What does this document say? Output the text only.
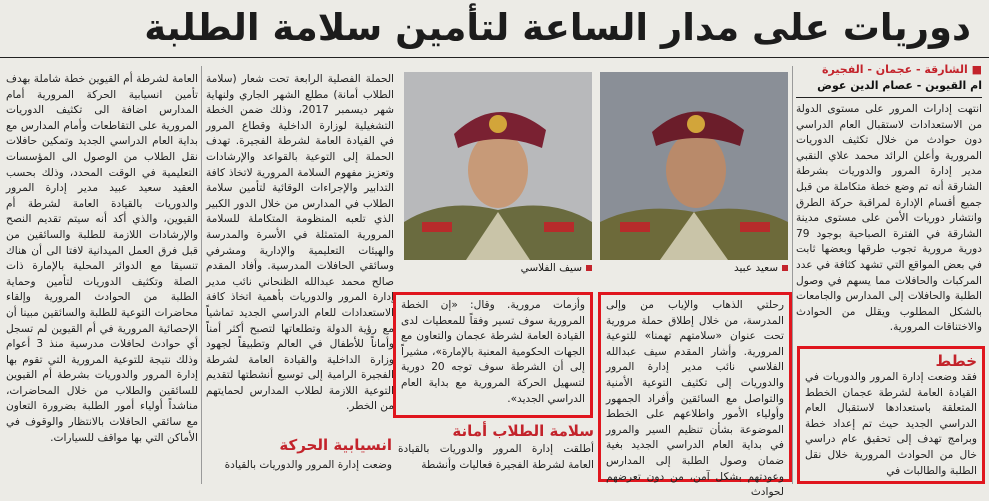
دوريات على مدار الساعة لتأمين سلامة الطلبة
■ الشارقة - عجمان - الفجيرة
ام القيوين - عصام الدين عوض

انتهت إدارات المرور على مستوى الدولة من الاستعدادات لاستقبال العام الدراسي دون حوادث من خلال تكثيف الدوريات المرورية وأعلن الرائد محمد علاي النقبي مدير إدارة المرور والدوريات بشرطة الشارقة أنه تم وضع خطة متكاملة من قبل جميع أقسام الإدارة لمراقبة حركة الطرق وانتشار دوريات الأمن على مستوى مدينة الشارقة في الفترة الصباحية بوجود 79 دورية مرورية تجوب طرقها وبعضها ثابت في بعض المواقع التي تشهد كثافة في عدد المركبات والحافلات مما يسهم في وصول الطلبة والحافلات إلى المدارس والجامعات بالشكل المطلوب ويقلل من الحوادث والاختناقات المرورية.

خطط

فقد وضعت إدارة المرور والدوريات في القيادة العامة لشرطة عجمان الخطط المتعلقة باستعدادها لاستقبال العام الدراسي الجديد حيث تم إعداد خطة وبرامج تهدف إلى تحقيق عام دراسي خال من الحوادث المرورية خلال نقل الطلبة والطالبات في

سعيد عبيد
سيف الفلاسي

رحلتي الذهاب والإياب من وإلى المدرسة، من خلال إطلاق حملة مرورية تحت عنوان «سلامتهم تهمنا» للتوعية المرورية. وأشار المقدم سيف عبدالله الفلاسي نائب مدير إدارة المرور والدوريات إلى تكثيف التوعية الأمنية والتواصل مع السائقين وأفراد الجمهور وأولياء الأمور واطلاعهم على الخطط الموضوعة بشأن تنظيم السير والمرور في بداية العام الدراسي الجديد بغية ضمان وصول الطلبة إلى المدارس وعودتهم بشكل آمن، من دون تعرضهم لحوادث

وأزمات مرورية. وقال: «إن الخطة المرورية سوف تسير وفقاً للمعطيات لدى القيادة العامة لشرطة عجمان والتعاون مع الجهات الحكومية المعنية بالإمارة»، مشيراً إلى أن الشرطة سوف توجه 20 دورية لتسهيل الحركة المرورية مع بداية العام الدراسي الجديد».

سلامة الطلاب أمانة

أطلقت إدارة المرور والدوريات بالقيادة العامة لشرطة الفجيرة فعاليات وأنشطة

الحملة الفصلية الرابعة تحت شعار (سلامة الطلاب أمانة) مطلع الشهر الجاري ولنهاية شهر ديسمبر 2017، وذلك ضمن الخطة التشغيلية لوزارة الداخلية وقطاع المرور في القيادة العامة لشرطة الفجيرة. تهدف الحملة إلى التوعية بالقواعد والإرشادات وتعزيز مفهوم السلامة المرورية لاتخاذ كافة التدابير والإجراءات الوقائية لتأمين سلامة الطلاب في المدارس من خلال الدور الكبير الذي تلعبه المنظومة المتكاملة للسلامة المرورية المتمثلة في الأسرة والمدرسة والهيئات التعليمية والإدارية ومشرفي وسائقي الحافلات المدرسية. وأفاد المقدم صالح محمد عبدالله الظنحاني نائب مدير إدارة المرور والدوريات بأهمية اتخاذ كافة الاستعدادات للعام الدراسي الجديد تماشياً مع رؤية الدولة وتطلعاتها لتصبح أكثر أمناً وأماناً للأطفال في العالم وتطبيقاً لجهود وزارة الداخلية والقيادة العامة لشرطة الفجيرة الرامية إلى توسيع أنشطتها لتقديم التوعية اللازمة لطلاب المدارس لحمايتهم من الخطر.

انسيابية الحركة

وضعت إدارة المرور والدوريات بالقيادة

العامة لشرطة أم القيوين خطة شاملة بهدف تأمين انسيابية الحركة المرورية أمام المدارس اضافة الى تكثيف الدوريات المرورية على التقاطعات وأمام المدارس مع بداية العام الدراسي الجديد وتمكين حافلات نقل الطلاب من الوصول الى المؤسسات التعليمية في الوقت المحدد، وذلك بحسب العقيد سعيد عبيد مدير إدارة المرور والدوريات بالقيادة العامة لشرطة أم القيوين، والذي أكد أنه سيتم تقديم النصح والإرشادات اللازمة للطلبة والسائقين من قبل فرق العمل الميدانية لافتا الى أن هناك تنسيقا مع الدوائر المحلية بالإمارة ذات الصلة وتكثيف الدوريات لتأمين وحماية الطلبة من الحوادث المرورية وإلقاء محاضرات التوعية للطلبة والسائقين مبينا أن الإحصائية المرورية في أم القيوين لم تسجل أي حوادث لحافلات مدرسية منذ 3 أعوام وذلك نتيجة للتوعية المرورية التي تقوم بها إدارة المرور والدوريات بشرطة أم القيوين للسائقين والطلاب من خلال المحاضرات، مناشداً أولياء أمور الطلبة بضرورة التعاون مع سائقي الحافلات بالانتظار والوقوف في الأماكن التي بها مواقف للسيارات.
